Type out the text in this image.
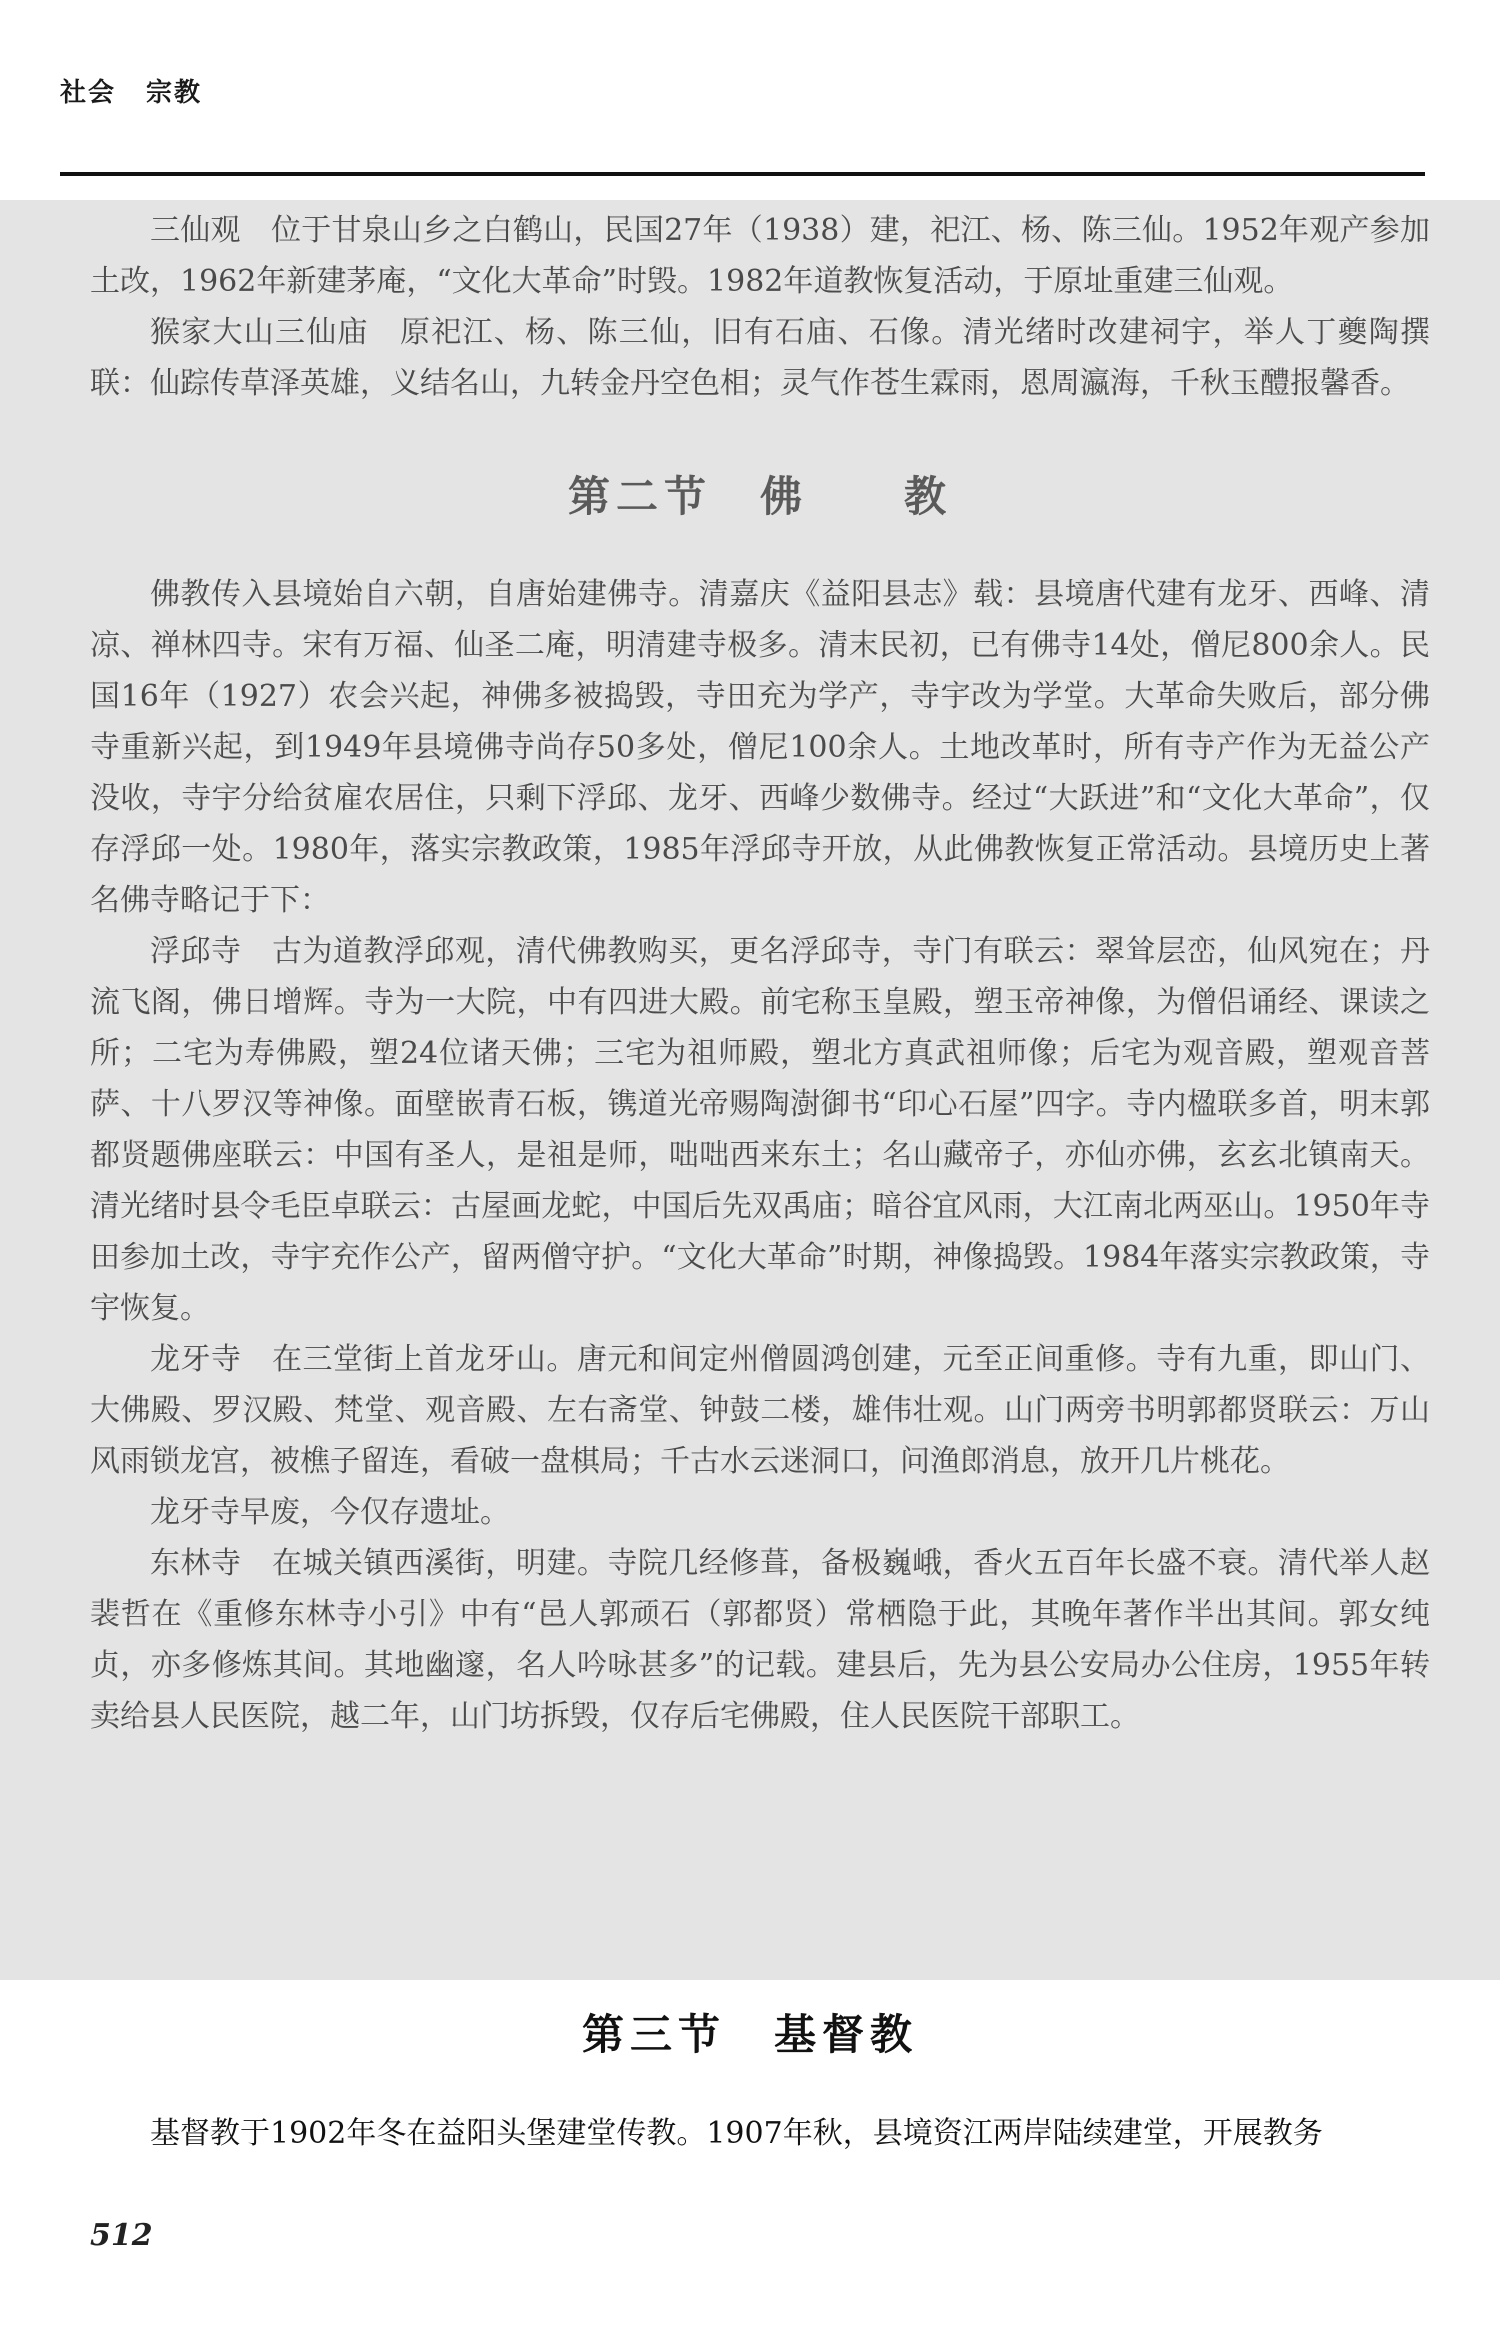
社会 宗教

三仙观　位于甘泉山乡之白鹤山，民国27年（1938）建，祀江、杨、陈三仙。1952年观产参加土改，1962年新建茅庵，“文化大革命”时毁。1982年道教恢复活动，于原址重建三仙观。

猴家大山三仙庙　原祀江、杨、陈三仙，旧有石庙、石像。清光绪时改建祠宇，举人丁夔陶撰联：仙踪传草泽英雄，义结名山，九转金丹空色相；灵气作苍生霖雨，恩周瀛海，千秋玉醴报馨香。

第二节　佛　　教

佛教传入县境始自六朝，自唐始建佛寺。清嘉庆《益阳县志》载：县境唐代建有龙牙、西峰、清凉、禅林四寺。宋有万福、仙圣二庵，明清建寺极多。清末民初，已有佛寺14处，僧尼800余人。民国16年（1927）农会兴起，神佛多被捣毁，寺田充为学产，寺宇改为学堂。大革命失败后，部分佛寺重新兴起，到1949年县境佛寺尚存50多处，僧尼100余人。土地改革时，所有寺产作为无益公产没收，寺宇分给贫雇农居住，只剩下浮邱、龙牙、西峰少数佛寺。经过“大跃进”和“文化大革命”，仅存浮邱一处。1980年，落实宗教政策，1985年浮邱寺开放，从此佛教恢复正常活动。县境历史上著名佛寺略记于下：

浮邱寺　古为道教浮邱观，清代佛教购买，更名浮邱寺，寺门有联云：翠耸层峦，仙风宛在；丹流飞阁，佛日增辉。寺为一大院，中有四进大殿。前宅称玉皇殿，塑玉帝神像，为僧侣诵经、课读之所；二宅为寿佛殿，塑24位诸天佛；三宅为祖师殿，塑北方真武祖师像；后宅为观音殿，塑观音菩萨、十八罗汉等神像。面壁嵌青石板，镌道光帝赐陶澍御书“印心石屋”四字。寺内楹联多首，明末郭都贤题佛座联云：中国有圣人，是祖是师，咄咄西来东土；名山藏帝子，亦仙亦佛，玄玄北镇南天。清光绪时县令毛臣卓联云：古屋画龙蛇，中国后先双禹庙；暗谷宜风雨，大江南北两巫山。1950年寺田参加土改，寺宇充作公产，留两僧守护。“文化大革命”时期，神像捣毁。1984年落实宗教政策，寺宇恢复。

龙牙寺　在三堂街上首龙牙山。唐元和间定州僧圆鸿创建，元至正间重修。寺有九重，即山门、大佛殿、罗汉殿、梵堂、观音殿、左右斋堂、钟鼓二楼，雄伟壮观。山门两旁书明郭都贤联云：万山风雨锁龙宫，被樵子留连，看破一盘棋局；千古水云迷洞口，问渔郎消息，放开几片桃花。

龙牙寺早废，今仅存遗址。

东林寺　在城关镇西溪街，明建。寺院几经修葺，备极巍峨，香火五百年长盛不衰。清代举人赵裴哲在《重修东林寺小引》中有“邑人郭顽石（郭都贤）常栖隐于此，其晚年著作半出其间。郭女纯贞，亦多修炼其间。其地幽邃，名人吟咏甚多”的记载。建县后，先为县公安局办公住房，1955年转卖给县人民医院，越二年，山门坊拆毁，仅存后宅佛殿，住人民医院干部职工。

第三节　基督教

基督教于1902年冬在益阳头堡建堂传教。1907年秋，县境资江两岸陆续建堂，开展教务

512
